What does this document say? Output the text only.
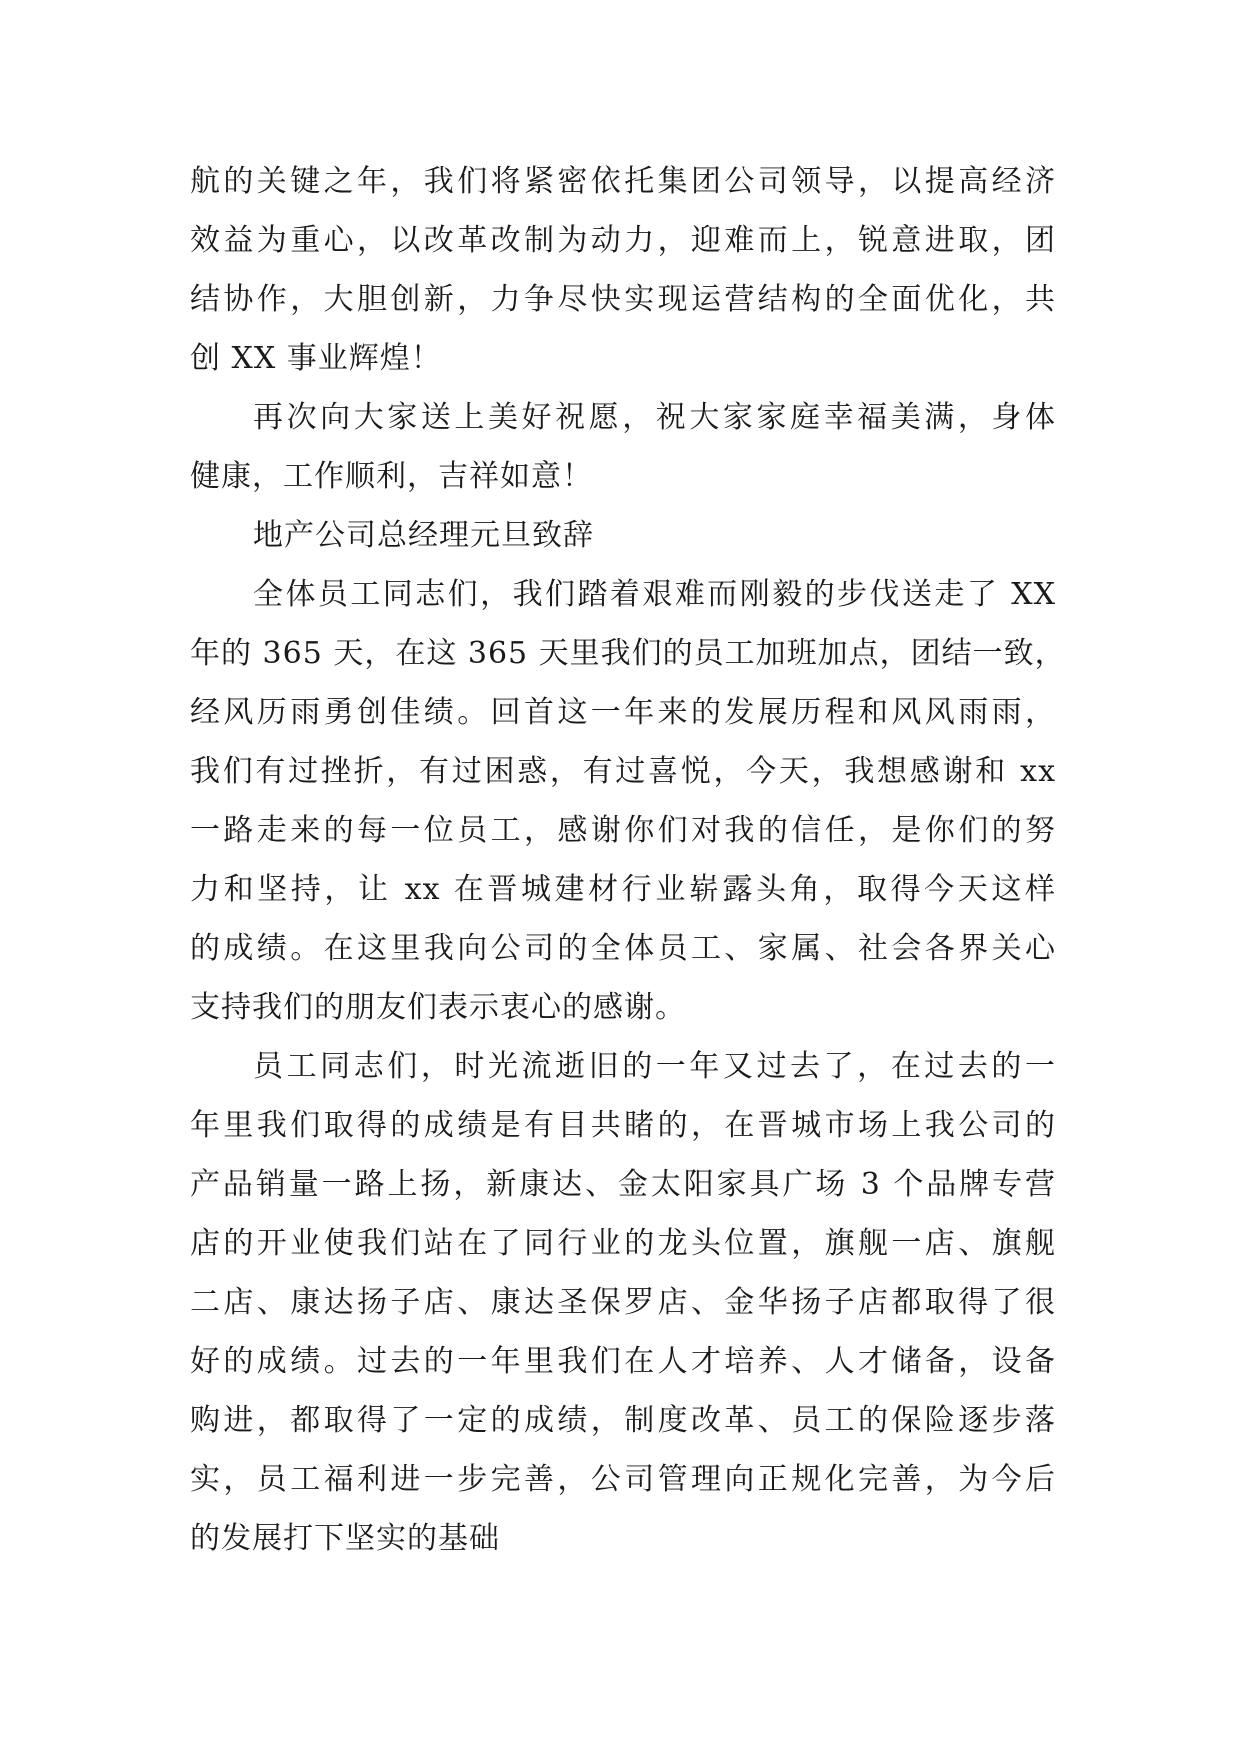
航的关键之年，我们将紧密依托集团公司领导，以提高经济
效益为重心，以改革改制为动力，迎难而上，锐意进取，团
结协作，大胆创新，力争尽快实现运营结构的全面优化，共
创 XX 事业辉煌！
再次向大家送上美好祝愿，祝大家家庭幸福美满，身体
健康，工作顺利，吉祥如意！
地产公司总经理元旦致辞
全体员工同志们，我们踏着艰难而刚毅的步伐送走了 XX
年的 365 天，在这 365 天里我们的员工加班加点，团结一致，
经风历雨勇创佳绩。回首这一年来的发展历程和风风雨雨，
我们有过挫折，有过困惑，有过喜悦，今天，我想感谢和 xx
一路走来的每一位员工，感谢你们对我的信任，是你们的努
力和坚持，让 xx 在晋城建材行业崭露头角，取得今天这样
的成绩。在这里我向公司的全体员工、家属、社会各界关心
支持我们的朋友们表示衷心的感谢。
员工同志们，时光流逝旧的一年又过去了，在过去的一
年里我们取得的成绩是有目共睹的，在晋城市场上我公司的
产品销量一路上扬，新康达、金太阳家具广场 3 个品牌专营
店的开业使我们站在了同行业的龙头位置，旗舰一店、旗舰
二店、康达扬子店、康达圣保罗店、金华扬子店都取得了很
好的成绩。过去的一年里我们在人才培养、人才储备，设备
购进，都取得了一定的成绩，制度改革、员工的保险逐步落
实，员工福利进一步完善，公司管理向正规化完善，为今后
的发展打下坚实的基础
